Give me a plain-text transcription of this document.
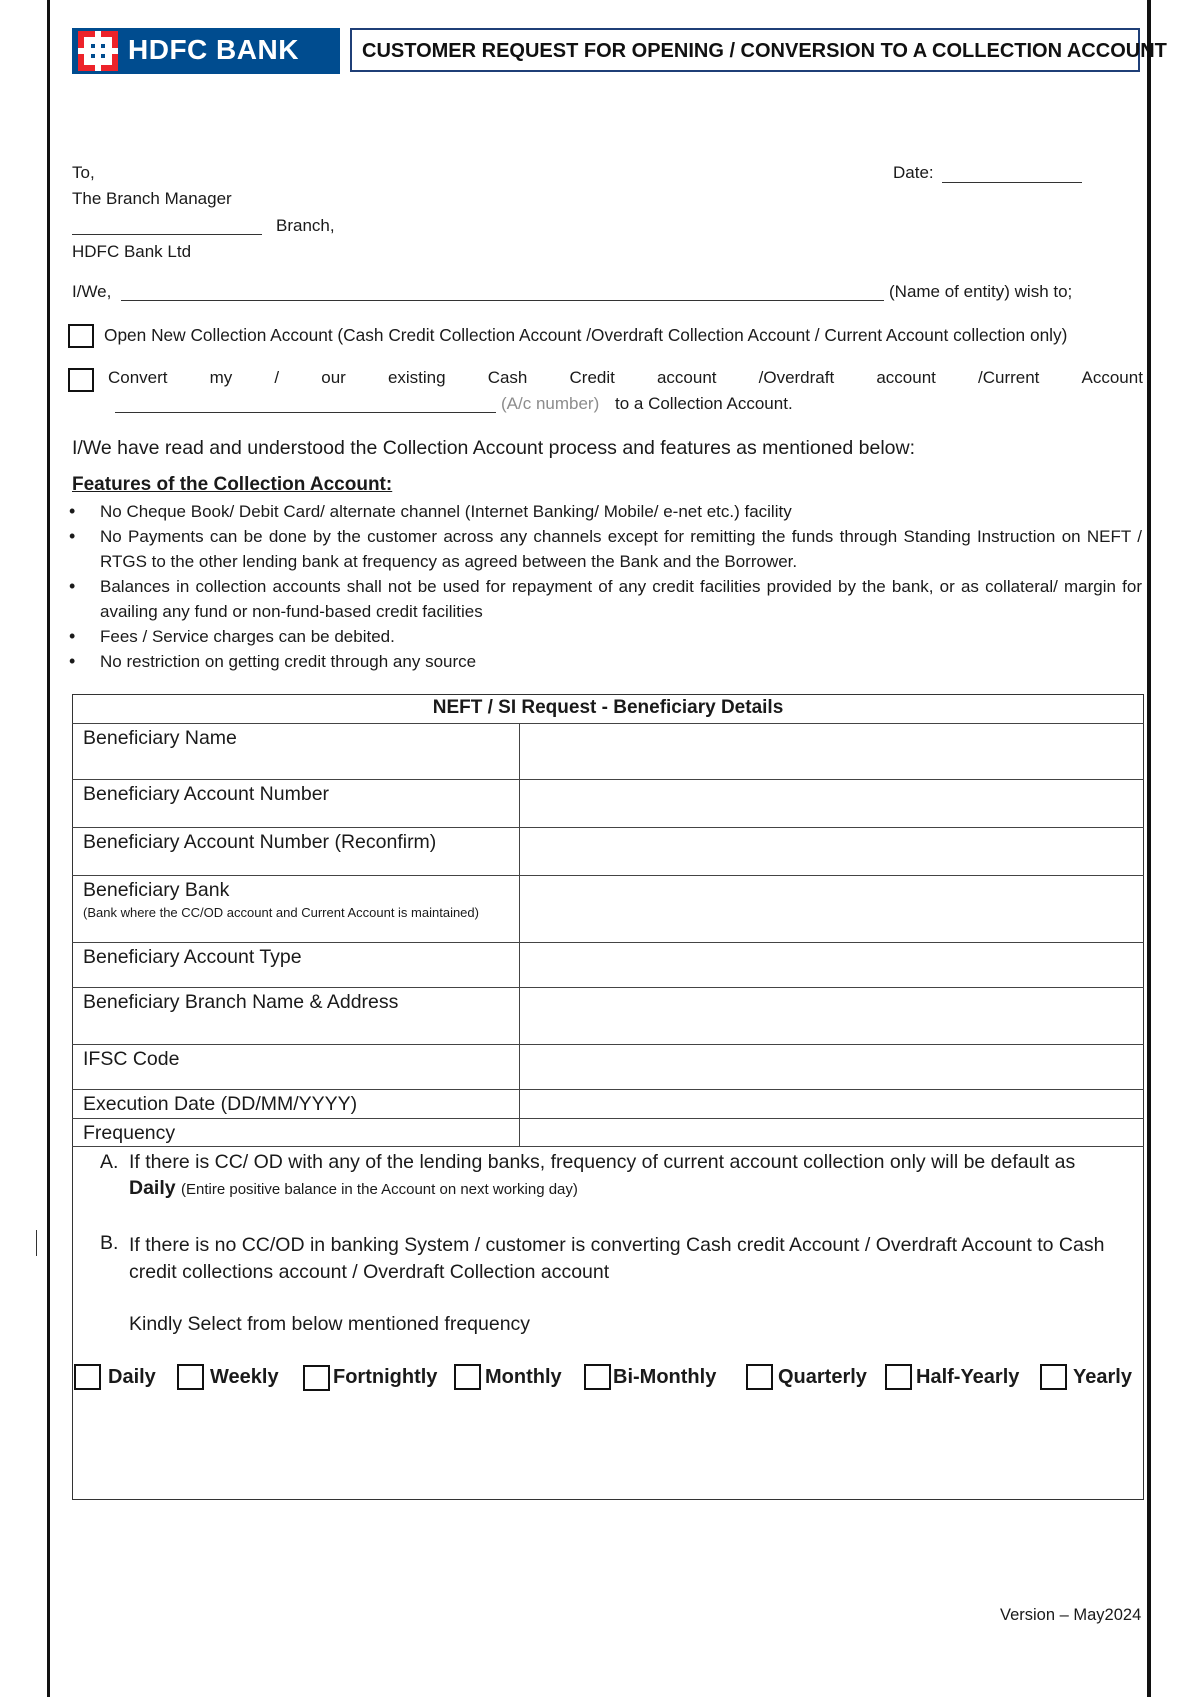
HDFC BANK	CUSTOMER REQUEST FOR OPENING / CONVERSION TO A COLLECTION ACCOUNT
To,
The Branch Manager
Branch,
HDFC Bank Ltd
Date:
I/We,	(Name of entity) wish to;
Open New Collection Account (Cash Credit Collection Account /Overdraft Collection Account / Current Account collection only)
Convert my / our existing Cash Credit account /Overdraft account /Current Account
(A/c number) to a Collection Account.
I/We have read and understood the Collection Account process and features as mentioned below:
Features of the Collection Account:
• No Cheque Book/ Debit Card/ alternate channel (Internet Banking/ Mobile/ e-net etc.) facility
• No Payments can be done by the customer across any channels except for remitting the funds through Standing Instruction on NEFT / RTGS to the other lending bank at frequency as agreed between the Bank and the Borrower.
• Balances in collection accounts shall not be used for repayment of any credit facilities provided by the bank, or as collateral/ margin for availing any fund or non-fund-based credit facilities
• Fees / Service charges can be debited.
• No restriction on getting credit through any source
NEFT / SI Request - Beneficiary Details
Beneficiary Name
Beneficiary Account Number
Beneficiary Account Number (Reconfirm)
Beneficiary Bank
(Bank where the CC/OD account and Current Account is maintained)
Beneficiary Account Type
Beneficiary Branch Name & Address
IFSC Code
Execution Date (DD/MM/YYYY)
Frequency
A. If there is CC/ OD with any of the lending banks, frequency of current account collection only will be default as
Daily (Entire positive balance in the Account on next working day)
B. If there is no CC/OD in banking System / customer is converting Cash credit Account / Overdraft Account to Cash credit collections account / Overdraft Collection account
Kindly Select from below mentioned frequency
Daily	Weekly	Fortnightly Monthly	Bi-Monthly	Quarterly Half-Yearly	Yearly
Version – May2024
